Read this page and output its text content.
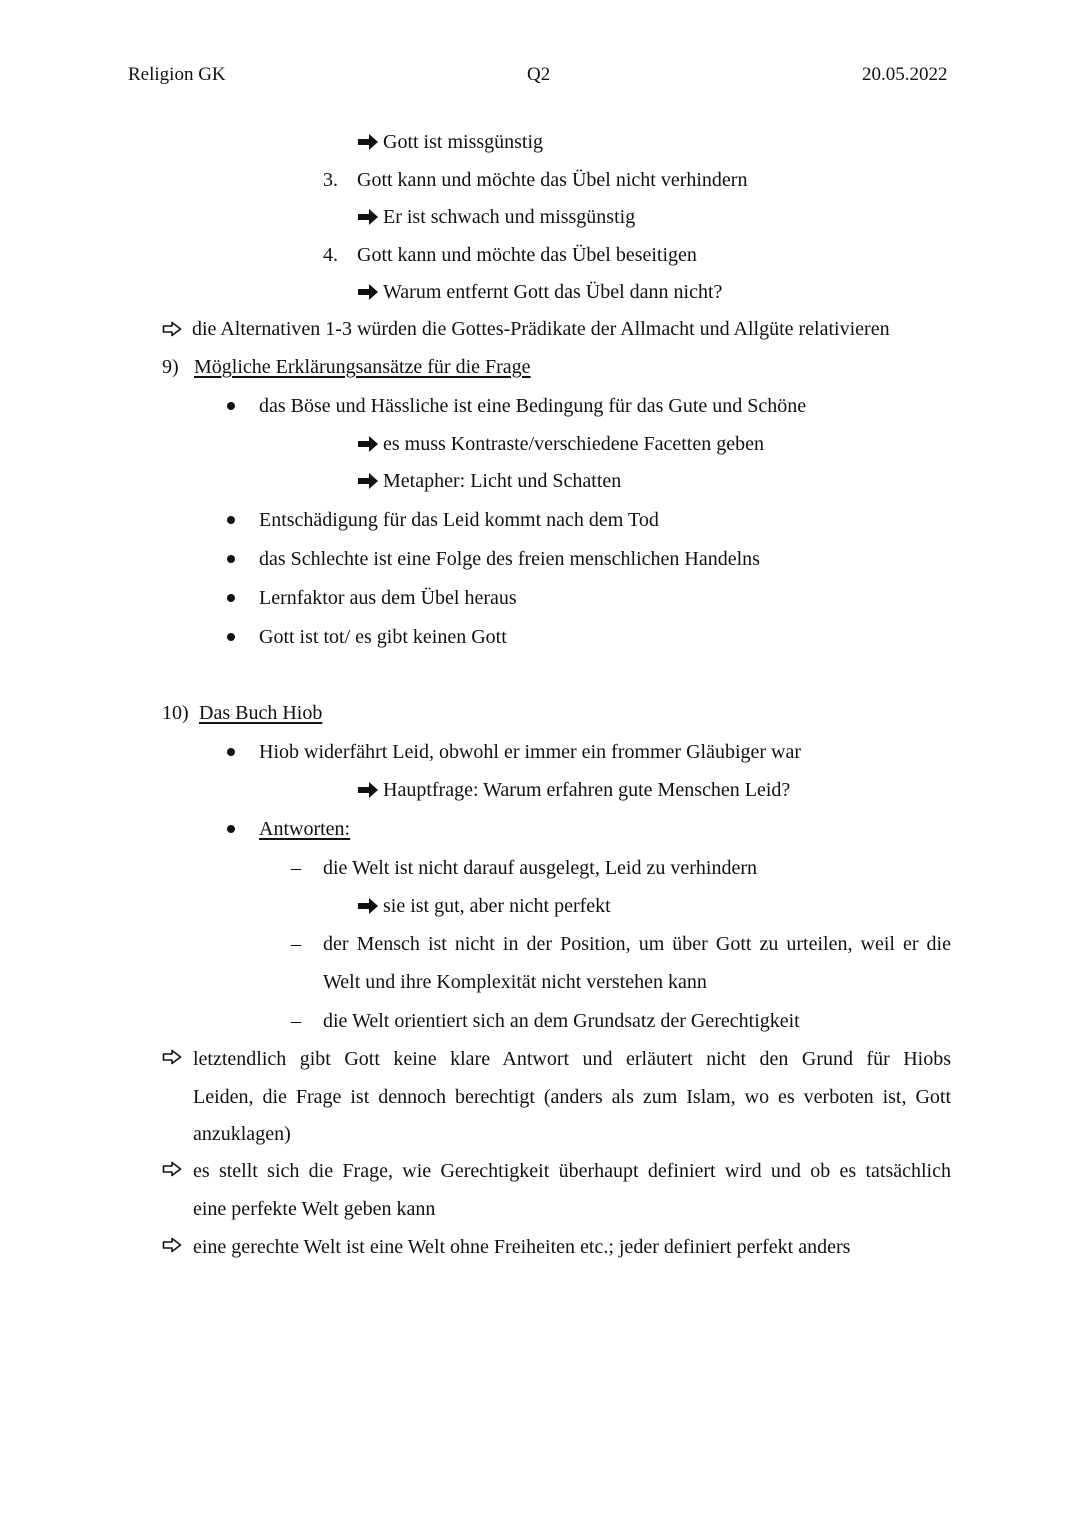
Religion GK	Q2	20.05.2022
Gott ist missgünstig
3. Gott kann und möchte das Übel nicht verhindern
Er ist schwach und missgünstig
4. Gott kann und möchte das Übel beseitigen
Warum entfernt Gott das Übel dann nicht?
die Alternativen 1-3 würden die Gottes-Prädikate der Allmacht und Allgüte relativieren
9) Mögliche Erklärungsansätze für die Frage
das Böse und Hässliche ist eine Bedingung für das Gute und Schöne
es muss Kontraste/verschiedene Facetten geben
Metapher: Licht und Schatten
Entschädigung für das Leid kommt nach dem Tod
das Schlechte ist eine Folge des freien menschlichen Handelns
Lernfaktor aus dem Übel heraus
Gott ist tot/ es gibt keinen Gott
10) Das Buch Hiob
Hiob widerfährt Leid, obwohl er immer ein frommer Gläubiger war
Hauptfrage: Warum erfahren gute Menschen Leid?
Antworten:
– die Welt ist nicht darauf ausgelegt, Leid zu verhindern
sie ist gut, aber nicht perfekt
– der Mensch ist nicht in der Position, um über Gott zu urteilen, weil er die
Welt und ihre Komplexität nicht verstehen kann
– die Welt orientiert sich an dem Grundsatz der Gerechtigkeit
letztendlich gibt Gott keine klare Antwort und erläutert nicht den Grund für Hiobs
Leiden, die Frage ist dennoch berechtigt (anders als zum Islam, wo es verboten ist, Gott
anzuklagen)
es stellt sich die Frage, wie Gerechtigkeit überhaupt definiert wird und ob es tatsächlich
eine perfekte Welt geben kann
eine gerechte Welt ist eine Welt ohne Freiheiten etc.; jeder definiert perfekt anders
